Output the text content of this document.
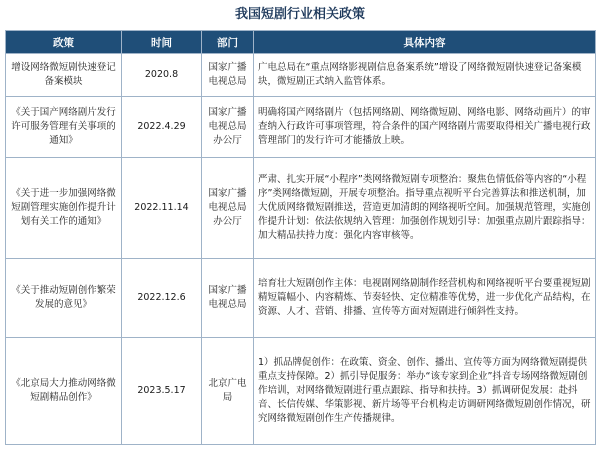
我国短剧行业相关政策
政策	时间	部门	具体内容
增设网络微短剧快速登记备案模块	2020.8	国家广播电视总局	广电总局在“重点网络影视剧信息备案系统”增设了网络微短剧快速登记备案模块，微短剧正式纳入监管体系。
《关于国产网络剧片发行许可服务管理有关事项的通知》	2022.4.29	国家广播电视总局办公厅	明确将国产网络剧片（包括网络剧、网络微短剧、网络电影、网络动画片）的审查纳入行政许可事项管理，符合条件的国产网络剧片需要取得相关广播电视行政管理部门的发行许可才能播放上映。
《关于进一步加强网络微短剧管理实施创作提升计划有关工作的通知》	2022.11.14	国家广播电视总局办公厅	严肃、扎实开展“小程序”类网络微短剧专项整治：聚焦色情低俗等内容的“小程序”类网络微短剧，开展专项整治。指导重点视听平台完善算法和推送机制，加大优质网络微短剧推送，营造更加清朗的网络视听空间。加强规范管理，实施创作提升计划：依法依规纳入管理：加强创作规划引导：加强重点剧片跟踪指导：加大精品扶持力度：强化内容审核等。
《关于推动短剧创作繁荣发展的意见》	2022.12.6	国家广播电视总局	培育壮大短剧创作主体：电视剧网络剧制作经营机构和网络视听平台要重视短剧精短篇幅小、内容精炼、节奏轻快、定位精准等优势，进一步优化产品结构，在资源、人才、营销、排播、宣传等方面对短剧进行倾斜性支持。
《北京局大力推动网络微短剧精品创作》	2023.5.17	北京广电局	1）抓品牌促创作：在政策、资金、创作、播出、宣传等方面为网络微短剧提供重点支持保障。2）抓引导促服务：举办“该专家到企业”抖音专场网络微短剧创作培训，对网络微短剧进行重点跟踪、指导和扶持。3）抓调研促发展：赴抖音、长信传媒、华策影视、新片场等平台机构走访调研网络微短剧创作情况，研究网络微短剧创作生产传播规律。
